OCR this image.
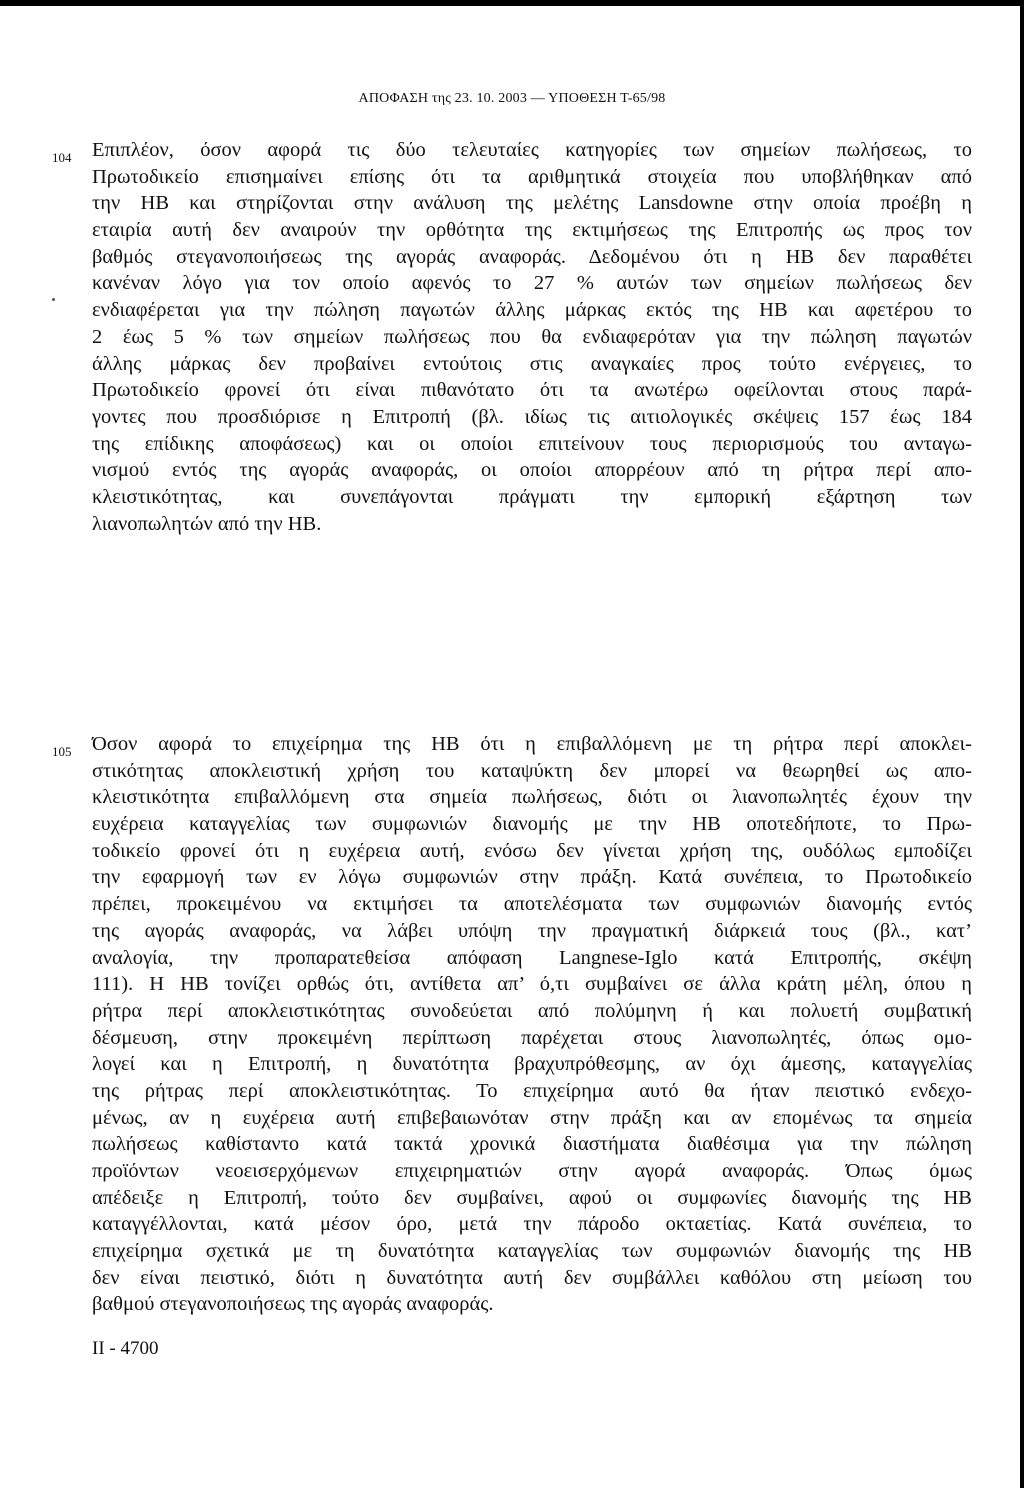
ΑΠΟΦΑΣΗ της 23. 10. 2003 — ΥΠΟΘΕΣΗ Τ-65/98
104 Επιπλέον, όσον αφορά τις δύο τελευταίες κατηγορίες των σημείων πωλήσεως, το
Πρωτοδικείο επισημαίνει επίσης ότι τα αριθμητικά στοιχεία που υποβλήθηκαν από
την HB και στηρίζονται στην ανάλυση της μελέτης Lansdowne στην οποία προέβη η
εταιρία αυτή δεν αναιρούν την ορθότητα της εκτιμήσεως της Επιτροπής ως προς τον
βαθμός στεγανοποιήσεως της αγοράς αναφοράς. Δεδομένου ότι η HB δεν παραθέτει
κανέναν λόγο για τον οποίο αφενός το 27 % αυτών των σημείων πωλήσεως δεν
ενδιαφέρεται για την πώληση παγωτών άλλης μάρκας εκτός της HB και αφετέρου το
2 έως 5 % των σημείων πωλήσεως που θα ενδιαφερόταν για την πώληση παγωτών
άλλης μάρκας δεν προβαίνει εντούτοις στις αναγκαίες προς τούτο ενέργειες, το
Πρωτοδικείο φρονεί ότι είναι πιθανότατο ότι τα ανωτέρω οφείλονται στους παρά-
γοντες που προσδιόρισε η Επιτροπή (βλ. ιδίως τις αιτιολογικές σκέψεις 157 έως 184
της επίδικης αποφάσεως) και οι οποίοι επιτείνουν τους περιορισμούς του ανταγω-
νισμού εντός της αγοράς αναφοράς, οι οποίοι απορρέουν από τη ρήτρα περί απο-
κλειστικότητας, και συνεπάγονται πράγματι την εμπορική εξάρτηση των
λιανοπωλητών από την HB.
105 Όσον αφορά το επιχείρημα της HB ότι η επιβαλλόμενη με τη ρήτρα περί αποκλει-
στικότητας αποκλειστική χρήση του καταψύκτη δεν μπορεί να θεωρηθεί ως απο-
κλειστικότητα επιβαλλόμενη στα σημεία πωλήσεως, διότι οι λιανοπωλητές έχουν την
ευχέρεια καταγγελίας των συμφωνιών διανομής με την HB οποτεδήποτε, το Πρω-
τοδικείο φρονεί ότι η ευχέρεια αυτή, ενόσω δεν γίνεται χρήση της, ουδόλως εμποδίζει
την εφαρμογή των εν λόγω συμφωνιών στην πράξη. Κατά συνέπεια, το Πρωτοδικείο
πρέπει, προκειμένου να εκτιμήσει τα αποτελέσματα των συμφωνιών διανομής εντός
της αγοράς αναφοράς, να λάβει υπόψη την πραγματική διάρκειά τους (βλ., κατ’
αναλογία, την προπαρατεθείσα απόφαση Langnese-Iglo κατά Επιτροπής, σκέψη
111). Η HB τονίζει ορθώς ότι, αντίθετα απ’ ό,τι συμβαίνει σε άλλα κράτη μέλη, όπου η
ρήτρα περί αποκλειστικότητας συνοδεύεται από πολύμηνη ή και πολυετή συμβατική
δέσμευση, στην προκειμένη περίπτωση παρέχεται στους λιανοπωλητές, όπως ομο-
λογεί και η Επιτροπή, η δυνατότητα βραχυπρόθεσμης, αν όχι άμεσης, καταγγελίας
της ρήτρας περί αποκλειστικότητας. Το επιχείρημα αυτό θα ήταν πειστικό ενδεχο-
μένως, αν η ευχέρεια αυτή επιβεβαιωνόταν στην πράξη και αν επομένως τα σημεία
πωλήσεως καθίσταντο κατά τακτά χρονικά διαστήματα διαθέσιμα για την πώληση
προϊόντων νεοεισερχόμενων επιχειρηματιών στην αγορά αναφοράς. Όπως όμως
απέδειξε η Επιτροπή, τούτο δεν συμβαίνει, αφού οι συμφωνίες διανομής της HB
καταγγέλλονται, κατά μέσον όρο, μετά την πάροδο οκταετίας. Κατά συνέπεια, το
επιχείρημα σχετικά με τη δυνατότητα καταγγελίας των συμφωνιών διανομής της HB
δεν είναι πειστικό, διότι η δυνατότητα αυτή δεν συμβάλλει καθόλου στη μείωση του
βαθμού στεγανοποιήσεως της αγοράς αναφοράς.
II - 4700
